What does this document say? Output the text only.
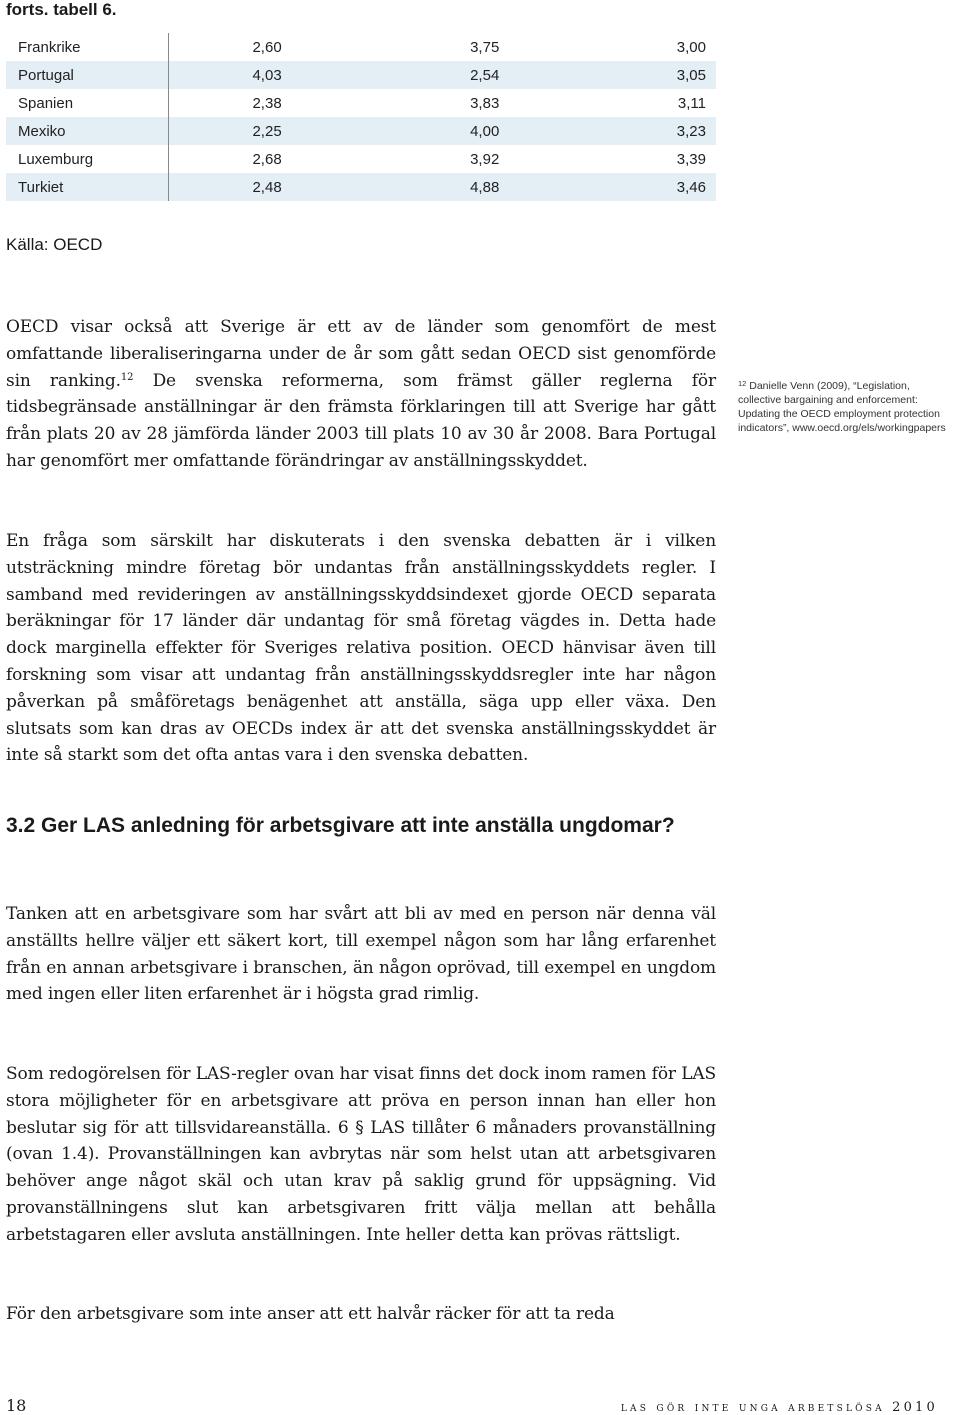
forts. tabell 6.
Frankrike	2,60	3,75	3,00
Portugal	4,03	2,54	3,05
Spanien	2,38	3,83	3,11
Mexiko	2,25	4,00	3,23
Luxemburg	2,68	3,92	3,39
Turkiet	2,48	4,88	3,46
Källa: OECD

OECD visar också att Sverige är ett av de länder som genomfört de mest omfattande liberaliseringarna under de år som gått sedan OECD sist genomförde sin ranking.$^{12}$ De svenska reformerna, som främst gäller reglerna för tidsbegränsade anställningar är den främsta förklaringen till att Sverige har gått från plats 20 av 28 jämförda länder 2003 till plats 10 av 30 år 2008. Bara Portugal har genomfört mer omfattande förändringar av anställningsskyddet.

En fråga som särskilt har diskuterats i den svenska debatten är i vilken utsträckning mindre företag bör undantas från anställningsskyddets regler. I samband med revideringen av anställningsskyddsindexet gjorde OECD separata beräkningar för 17 länder där undantag för små företag vägdes in. Detta hade dock marginella effekter för Sveriges relativa position. OECD hänvisar även till forskning som visar att undantag från anställningsskyddsregler inte har någon påverkan på småföretags benägenhet att anställa, säga upp eller växa. Den slutsats som kan dras av OECDs index är att det svenska anställningsskyddet är inte så starkt som det ofta antas vara i den svenska debatten.

3.2 Ger LAS anledning för arbetsgivare att inte anställa ungdomar?

Tanken att en arbetsgivare som har svårt att bli av med en person när denna väl anställts hellre väljer ett säkert kort, till exempel någon som har lång erfarenhet från en annan arbetsgivare i branschen, än någon oprövad, till exempel en ungdom med ingen eller liten erfarenhet är i högsta grad rimlig.

Som redogörelsen för LAS-regler ovan har visat finns det dock inom ramen för LAS stora möjligheter för en arbetsgivare att pröva en person innan han eller hon beslutar sig för att tillsvidareanställa. 6 § LAS tillåter 6 månaders provanställning (ovan 1.4). Provanställningen kan avbrytas när som helst utan att arbetsgivaren behöver ange något skäl och utan krav på saklig grund för uppsägning. Vid provanställningens slut kan arbetsgivaren fritt välja mellan att behålla arbetstagaren eller avsluta anställningen. Inte heller detta kan prövas rättsligt.

För den arbetsgivare som inte anser att ett halvår räcker för att ta reda

$^{12}$ Danielle Venn (2009), “Legislation, collective bargaining and enforcement: Updating the OECD employment protection indicators”, www.oecd.org/els/workingpapers
18	las gör inte unga arbetslösa 2010
